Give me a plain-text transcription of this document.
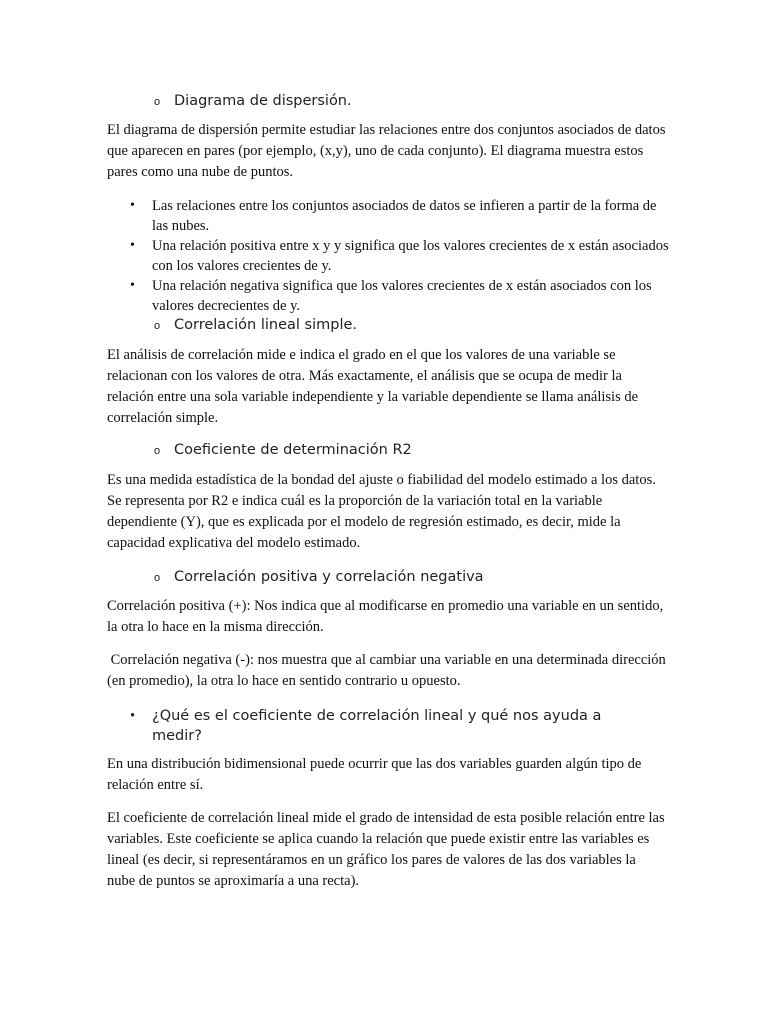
o Diagrama de dispersión.

El diagrama de dispersión permite estudiar las relaciones entre dos conjuntos asociados de datos que aparecen en pares (por ejemplo, (x,y), uno de cada conjunto). El diagrama muestra estos pares como una nube de puntos.

•	Las relaciones entre los conjuntos asociados de datos se infieren a partir de la forma de las nubes.
•	Una relación positiva entre x y y significa que los valores crecientes de x están asociados con los valores crecientes de y.
•	Una relación negativa significa que los valores crecientes de x están asociados con los valores decrecientes de y.
o Correlación lineal simple.

El análisis de correlación mide e indica el grado en el que los valores de una variable se relacionan con los valores de otra. Más exactamente, el análisis que se ocupa de medir la relación entre una sola variable independiente y la variable dependiente se llama análisis de correlación simple.

o Coeficiente de determinación R2

Es una medida estadística de la bondad del ajuste o fiabilidad del modelo estimado a los datos. Se representa por R2 e indica cuál es la proporción de la variación total en la variable dependiente (Y), que es explicada por el modelo de regresión estimado, es decir, mide la capacidad explicativa del modelo estimado.

o Correlación positiva y correlación negativa

Correlación positiva (+): Nos indica que al modificarse en promedio una variable en un sentido, la otra lo hace en la misma dirección.

Correlación negativa (-): nos muestra que al cambiar una variable en una determinada dirección (en promedio), la otra lo hace en sentido contrario u opuesto.

• ¿Qué es el coeficiente de correlación lineal y qué nos ayuda a medir?

En una distribución bidimensional puede ocurrir que las dos variables guarden algún tipo de relación entre sí.

El coeficiente de correlación lineal mide el grado de intensidad de esta posible relación entre las variables. Este coeficiente se aplica cuando la relación que puede existir entre las variables es lineal (es decir, si representáramos en un gráfico los pares de valores de las dos variables la nube de puntos se aproximaría a una recta).
